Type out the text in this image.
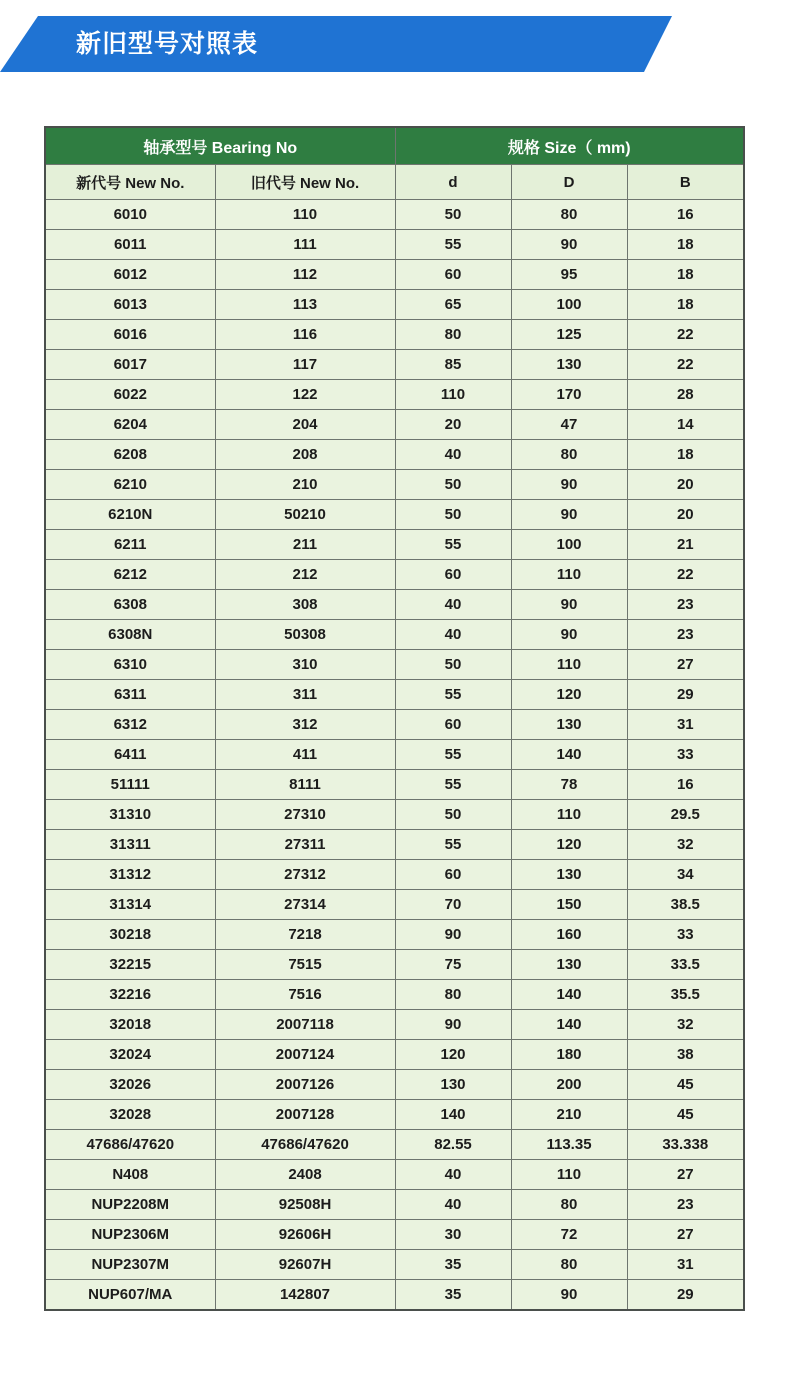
新旧型号对照表
轴承型号 Bearing No		规格 Size（ mm)		
新代号 New No.	旧代号 New No.	d	D	B
6010	110	50	80	16
6011	111	55	90	18
6012	112	60	95	18
6013	113	65	100	18
6016	116	80	125	22
6017	117	85	130	22
6022	122	110	170	28
6204	204	20	47	14
6208	208	40	80	18
6210	210	50	90	20
6210N	50210	50	90	20
6211	211	55	100	21
6212	212	60	110	22
6308	308	40	90	23
6308N	50308	40	90	23
6310	310	50	110	27
6311	311	55	120	29
6312	312	60	130	31
6411	411	55	140	33
51111	8111	55	78	16
31310	27310	50	110	29.5
31311	27311	55	120	32
31312	27312	60	130	34
31314	27314	70	150	38.5
30218	7218	90	160	33
32215	7515	75	130	33.5
32216	7516	80	140	35.5
32018	2007118	90	140	32
32024	2007124	120	180	38
32026	2007126	130	200	45
32028	2007128	140	210	45
47686/47620	47686/47620	82.55	113.35	33.338
N408	2408	40	110	27
NUP2208M	92508H	40	80	23
NUP2306M	92606H	30	72	27
NUP2307M	92607H	35	80	31
NUP607/MA	142807	35	90	29
